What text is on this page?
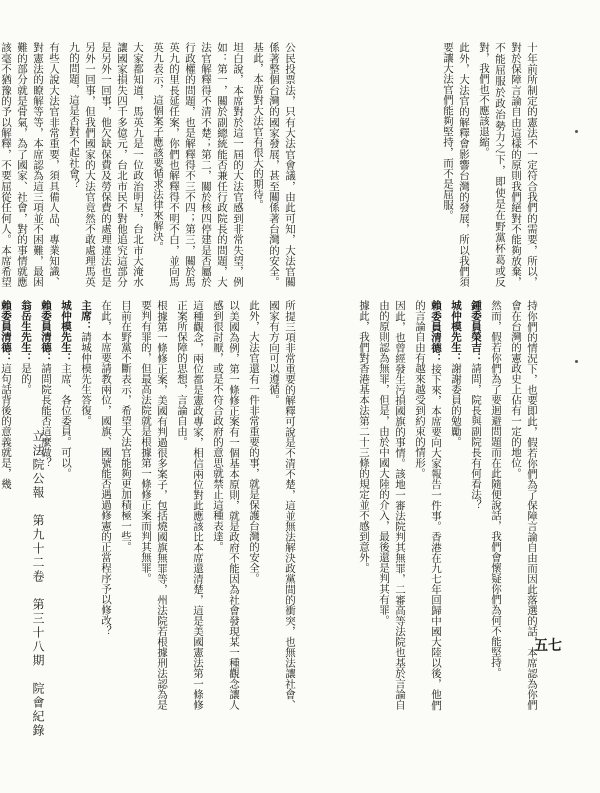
立法院公報　第九十二卷　第三十八期　院會紀錄	五七

十年前所制定的憲法不一定符合我們的需要，所以，對於保障言論自由這樣的原則我們絕對不能夠放棄，不能屈服於政治勢力之下，即使是在野黨杯葛或反對，我們也不應該退縮。

此外，大法官的解釋會影響台灣的發展，所以我們須要讓大法官們能夠堅持，而不是屈服。

持你們的情況下，也要即此，假若你們為了保障言論自由而因此落選的話，本席認為你們會在台灣的憲政史上佔有一定的地位。

然而，假若你們為了要迴避問題而在此隨便說話，我們會懷疑你們為何不能堅持。

鍾委員榮吉：請問，院長與副院長有何看法？

城仲模先生：謝謝委員的勉勵。

賴委員清德：接下來，本席要向大家報告一件事。香港在九七年回歸中國大陸以後，他們的言論自由有越來越受到約束的情形。

因此，也曾經發生污損國旗的事情。該地一審法院判其無罪，二審高等法院也基於言論自由的原則認為無罪，但是，由於中國大陸的介入，最後還是判其有罪。

據此，我們對香港基本法第二十三條的規定並不感到意外。

公民投票法，只有大法官會議，由此可知，大法官關係著整個台灣的國家發展，甚至關係著台灣的安全。基此，本席對大法官有很大的期待。

坦白說，本席對於這一屆的大法官感到非常失望，例如：第一，關於副總統能否兼任行政院長的問題，大法官解釋得不清不楚；第二，關於核四停建是否屬於行政權的問題，也是解釋得不三不四；第三，關於馬英九的里長延任案，你們也解釋得不明不白，並向馬英九表示，這個案子應該要循求法律來解決。

大家都知道，馬英九是一位政治明星，台北市大淹水讓國家損失四千多億元，台北市民不對他追究這部分是另外一回事，他欠缺保費及勞保費的處理違法也是另外一回事，但我們國家的大法官竟然不敢處理馬英九的問題，這是否對不起社會？

有些人說大法官非常重要，須具備人品、專業知識、對憲法的瞭解等等，本席認為這三項並不困難，最困難的部分就是骨氣，為了國家、社會，對的事情就應該毫不猶豫的予以解釋，不要屈從任何人。本席希望

所提三項非常重要的解釋可說是不清不楚，這並無法解決政黨間的衝突，也無法讓社會、國家有方向可以遵循。

此外，大法官還有一件非常重要的事，就是保護台灣的安全。

以美國為例，第一條修正案有一個基本原則，就是政府不能因為社會發現某一種觀念讓人感到很討厭，或是不符合政府的意思就禁止這種表達。

這種觀念，兩位都是憲政專家，相信兩位對此應該比本席還清楚，這是美國憲法第一條修正案所保障的思想，言論自由。

根據第一條修正案，美國有判過很多案子，包括燒國旗無罪等，州法院若根據刑法認為是要判有罪的，但最高法院就是根據第一條修正案而判其無罪。

目前在野黨不斷表示，希望大法官能夠更加積極一些。

在此，本席要請教兩位，國旗、國號能否遇過修憲的正當程序予以修改？

主席：請城仲模先生答復。

城仲模先生：主席、各位委員。可以。

賴委員清德：請問院長能否這麼做？

翁岳生先生：是的。

賴委員清德：這句話背後的意義就是，幾
